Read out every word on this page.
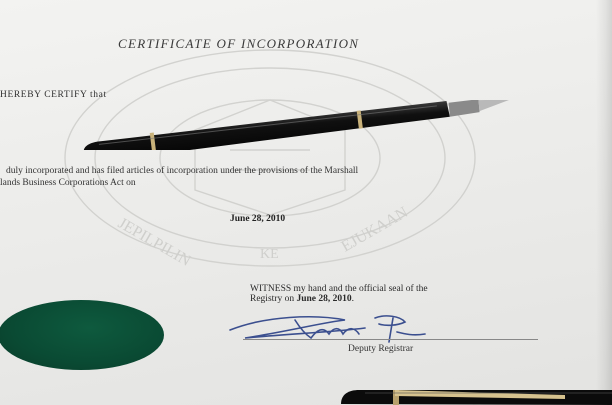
JEPILPILIN	KE	EJUKAAN
CERTIFICATE OF INCORPORATION
HEREBY CERTIFY that
duly incorporated and has filed articles of incorporation under the provisions of the Marshall
lands Business Corporations Act on
June 28, 2010
WITNESS my hand and the official seal of the
Registry on June 28, 2010.
Deputy Registrar
